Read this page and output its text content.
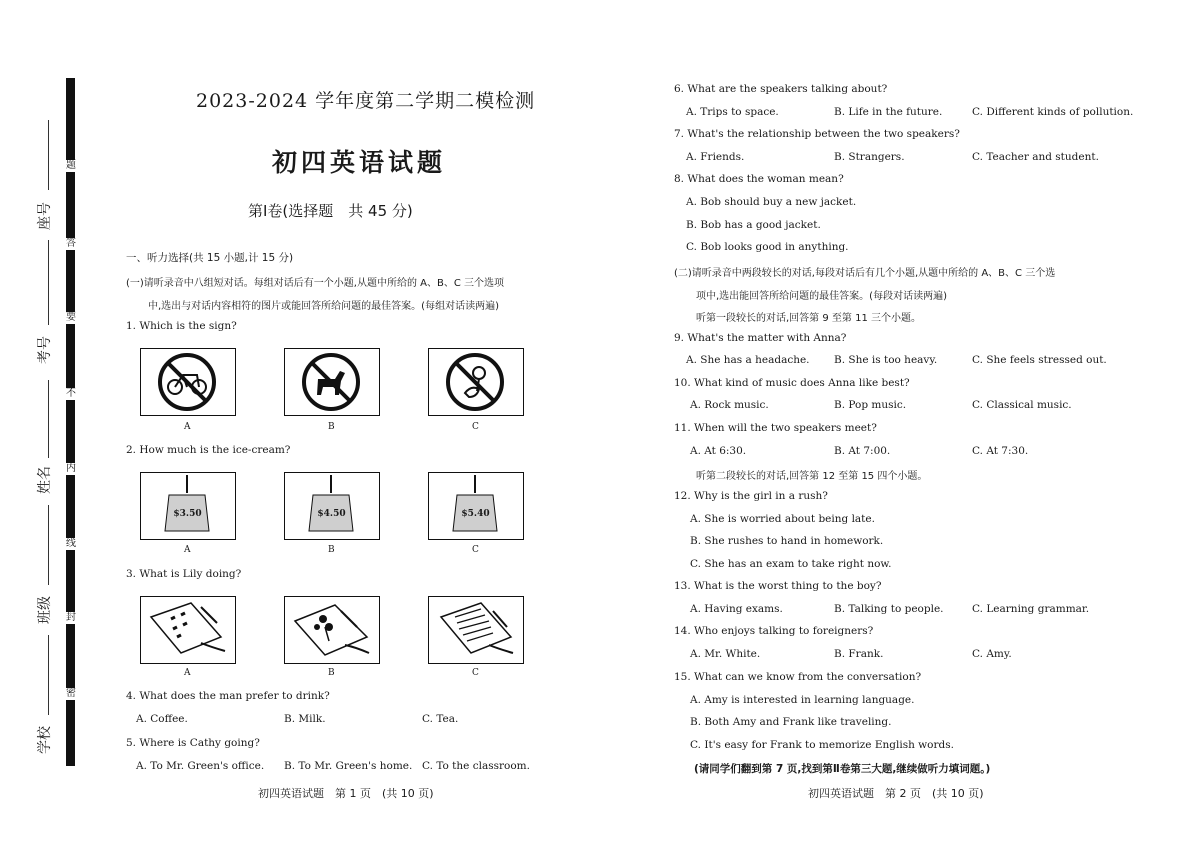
题
答
要
不
内
线
封
密
座号
考号
姓名
班级
学校
2023-2024 学年度第二学期二模检测
初四英语试题
第Ⅰ卷(选择题　共 45 分)
一、听力选择(共 15 小题,计 15 分)
(一)请听录音中八组短对话。每组对话后有一个小题,从题中所给的 A、B、C 三个选项
中,选出与对话内容相符的图片或能回答所给问题的最佳答案。(每组对话读两遍)
1. Which is the sign?
A	B	C
2. How much is the ice-cream?
$3.50	$4.50	$5.40
A	B	C
3. What is Lily doing?
A	B	C
4. What does the man prefer to drink?
A. Coffee.	B. Milk.	C. Tea.
5. Where is Cathy going?
A. To Mr. Green's office. B. To Mr. Green's home. C. To the classroom.
初四英语试题　第 1 页　(共 10 页)
6. What are the speakers talking about?
A. Trips to space.	B. Life in the future.	C. Different kinds of pollution.
7. What's the relationship between the two speakers?
A. Friends.	B. Strangers.	C. Teacher and student.
8. What does the woman mean?
A. Bob should buy a new jacket.
B. Bob has a good jacket.
C. Bob looks good in anything.
(二)请听录音中两段较长的对话,每段对话后有几个小题,从题中所给的 A、B、C 三个选
项中,选出能回答所给问题的最佳答案。(每段对话读两遍)
听第一段较长的对话,回答第 9 至第 11 三个小题。
9. What's the matter with Anna?
A. She has a headache. B. She is too heavy.	C. She feels stressed out.
10. What kind of music does Anna like best?
A. Rock music.	B. Pop music.	C. Classical music.
11. When will the two speakers meet?
A. At 6:30.	B. At 7:00.	C. At 7:30.
听第二段较长的对话,回答第 12 至第 15 四个小题。
12. Why is the girl in a rush?
A. She is worried about being late.
B. She rushes to hand in homework.
C. She has an exam to take right now.
13. What is the worst thing to the boy?
A. Having exams.	B. Talking to people.	C. Learning grammar.
14. Who enjoys talking to foreigners?
A. Mr. White.	B. Frank.	C. Amy.
15. What can we know from the conversation?
A. Amy is interested in learning language.
B. Both Amy and Frank like traveling.
C. It's easy for Frank to memorize English words.
(请同学们翻到第 7 页,找到第Ⅱ卷第三大题,继续做听力填词题。)
初四英语试题　第 2 页　(共 10 页)
